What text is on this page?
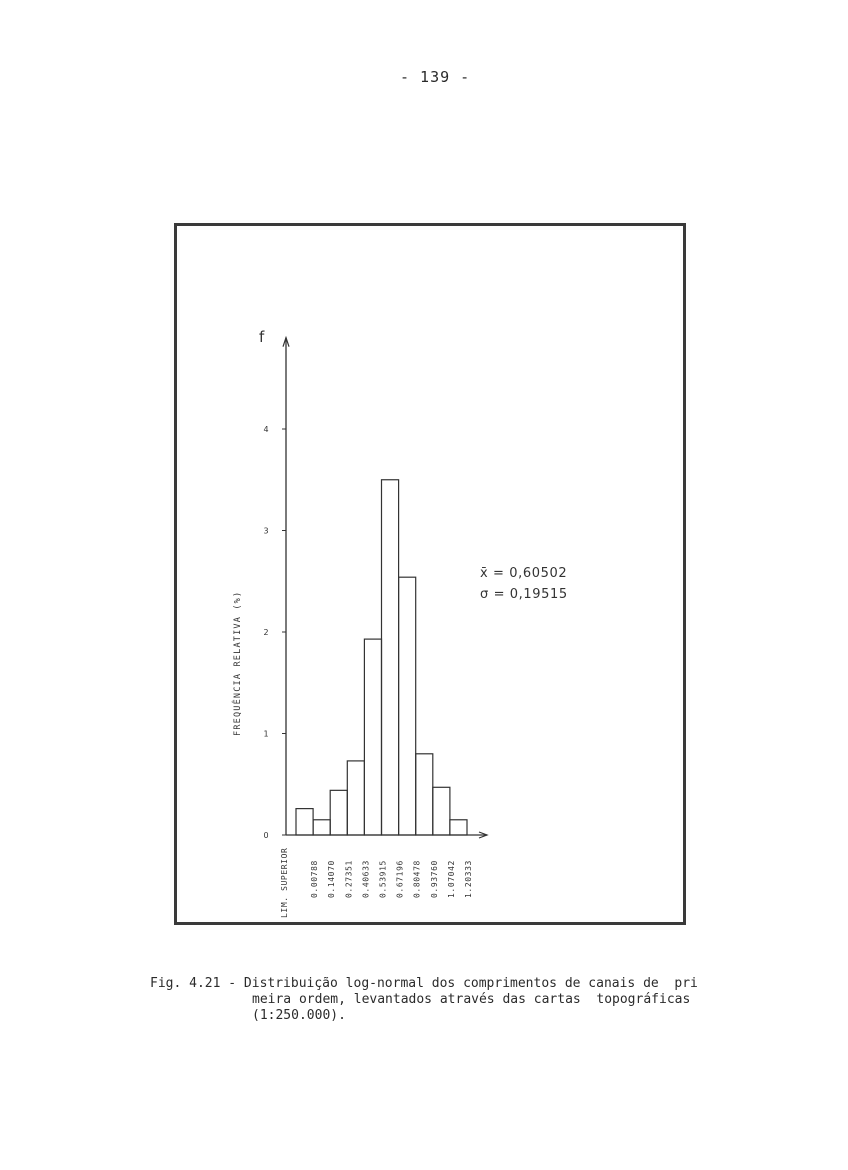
- 139 -
0.00788 0.14070 0.27351 0.40633 0.53915 0.67196 0.80478 0.93760 1.07042 1.20333
0
1
2
3
4
f
FREQUÊNCIA RELATIVA (%)
LIM. SUPERIOR
x̄ = 0,60502
σ = 0,19515
Fig. 4.21 - Distribuição log-normal dos comprimentos de canais de  pri
meira ordem, levantados através das cartas  topográficas
(1:250.000).
